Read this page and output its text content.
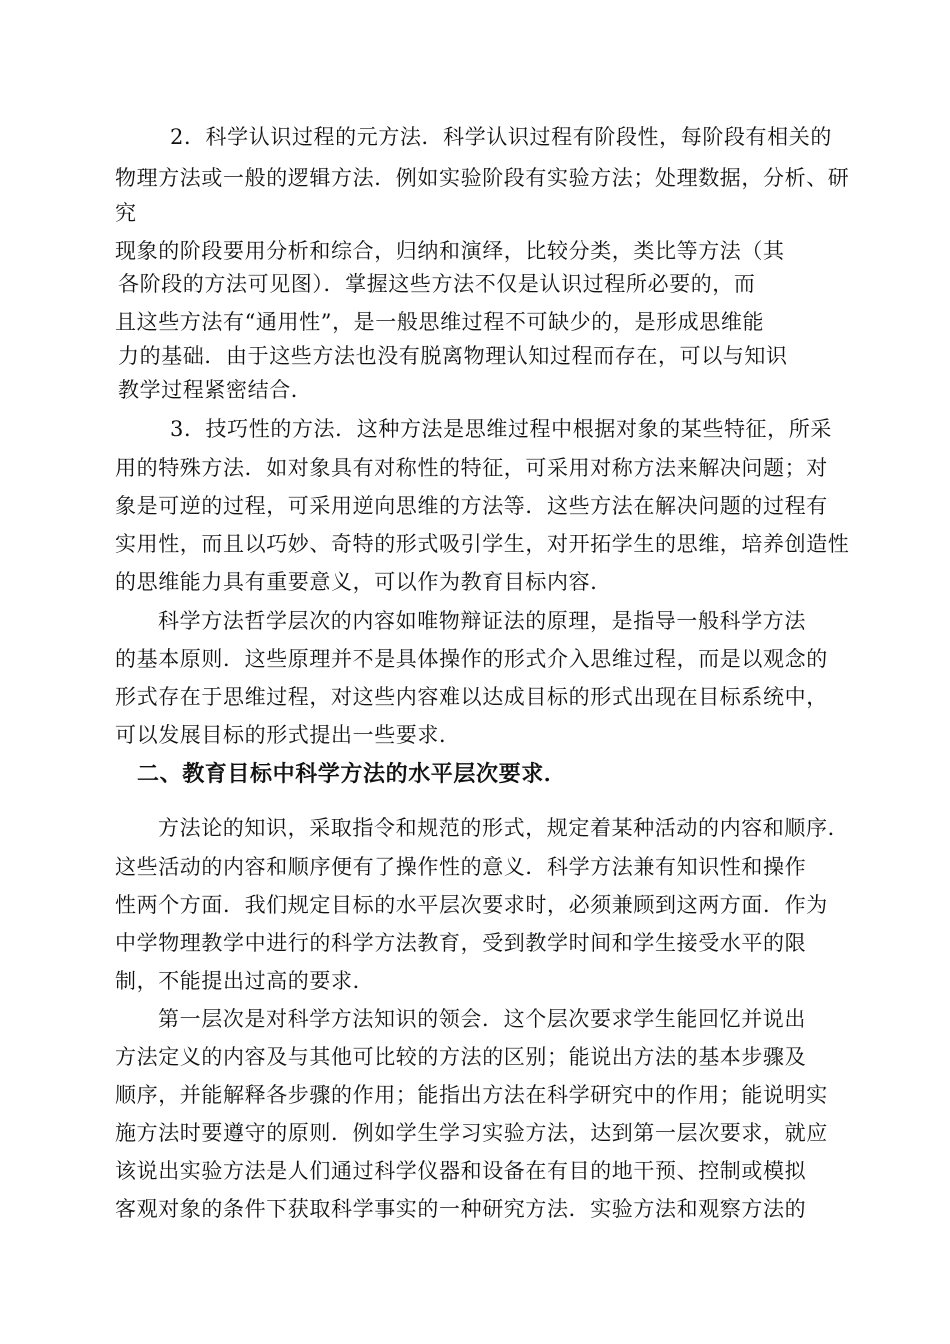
2．科学认识过程的元方法．科学认识过程有阶段性，每阶段有相关的

物理方法或一般的逻辑方法．例如实验阶段有实验方法；处理数据，分析、研

究

现象的阶段要用分析和综合，归纳和演绎，比较分类，类比等方法（其

各阶段的方法可见图）．掌握这些方法不仅是认识过程所必要的，而

且这些方法有“通用性”，是一般思维过程不可缺少的，是形成思维能

力的基础．由于这些方法也没有脱离物理认知过程而存在，可以与知识

教学过程紧密结合．

3．技巧性的方法．这种方法是思维过程中根据对象的某些特征，所采

用的特殊方法．如对象具有对称性的特征，可采用对称方法来解决问题；对

象是可逆的过程，可采用逆向思维的方法等．这些方法在解决问题的过程有

实用性，而且以巧妙、奇特的形式吸引学生，对开拓学生的思维，培养创造性

的思维能力具有重要意义，可以作为教育目标内容．

科学方法哲学层次的内容如唯物辩证法的原理，是指导一般科学方法

的基本原则．这些原理并不是具体操作的形式介入思维过程，而是以观念的

形式存在于思维过程，对这些内容难以达成目标的形式出现在目标系统中，

可以发展目标的形式提出一些要求．

二、教育目标中科学方法的水平层次要求．

方法论的知识，采取指令和规范的形式，规定着某种活动的内容和顺序．

这些活动的内容和顺序便有了操作性的意义．科学方法兼有知识性和操作

性两个方面．我们规定目标的水平层次要求时，必须兼顾到这两方面．作为

中学物理教学中进行的科学方法教育，受到教学时间和学生接受水平的限

制，不能提出过高的要求．

第一层次是对科学方法知识的领会．这个层次要求学生能回忆并说出

方法定义的内容及与其他可比较的方法的区别；能说出方法的基本步骤及

顺序，并能解释各步骤的作用；能指出方法在科学研究中的作用；能说明实

施方法时要遵守的原则．例如学生学习实验方法，达到第一层次要求，就应

该说出实验方法是人们通过科学仪器和设备在有目的地干预、控制或模拟

客观对象的条件下获取科学事实的一种研究方法．实验方法和观察方法的
